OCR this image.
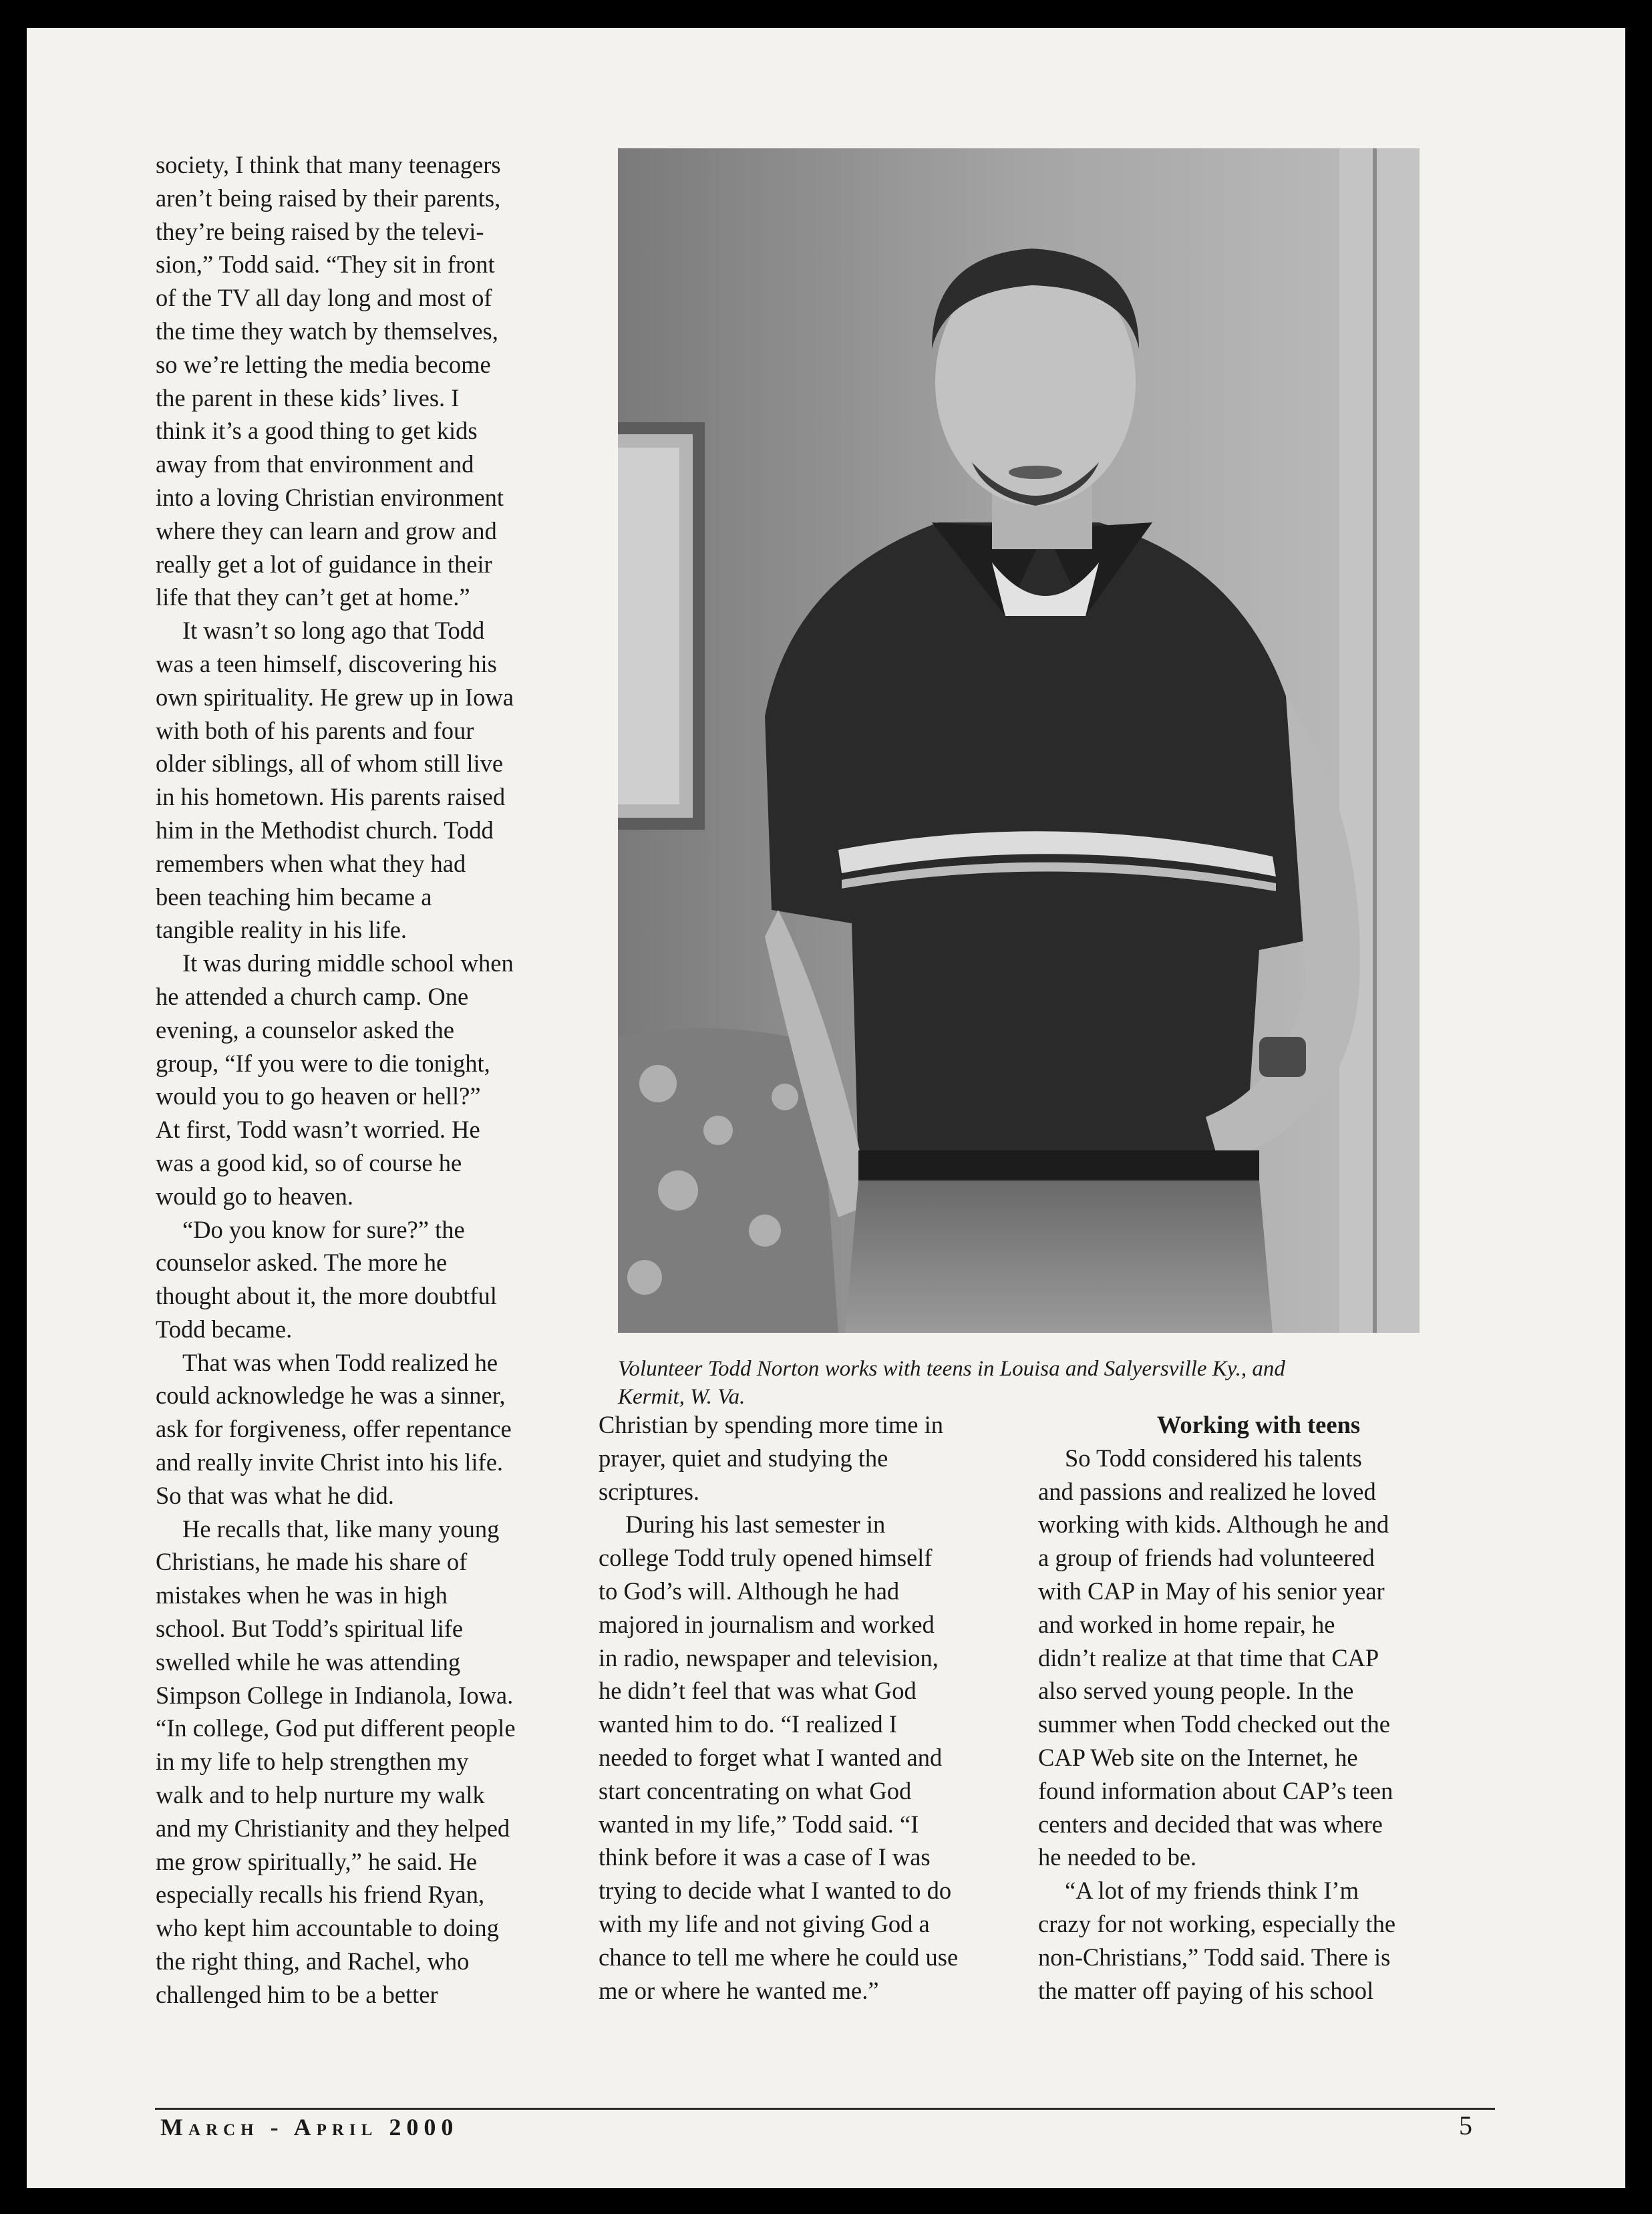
society, I think that many teenagers

aren’t being raised by their parents,

they’re being raised by the televi-

sion,” Todd said. “They sit in front

of the TV all day long and most of

the time they watch by themselves,

so we’re letting the media become

the parent in these kids’ lives. I

think it’s a good thing to get kids

away from that environment and

into a loving Christian environment

where they can learn and grow and

really get a lot of guidance in their

life that they can’t get at home.”

It wasn’t so long ago that Todd

was a teen himself, discovering his

own spirituality. He grew up in Iowa

with both of his parents and four

older siblings, all of whom still live

in his hometown. His parents raised

him in the Methodist church. Todd

remembers when what they had

been teaching him became a

tangible reality in his life.

It was during middle school when

he attended a church camp. One

evening, a counselor asked the

group, “If you were to die tonight,

would you to go heaven or hell?”

At first, Todd wasn’t worried. He

was a good kid, so of course he

would go to heaven.

“Do you know for sure?” the

counselor asked. The more he

thought about it, the more doubtful

Todd became.

That was when Todd realized he

could acknowledge he was a sinner,

ask for forgiveness, offer repentance

and really invite Christ into his life.

So that was what he did.

He recalls that, like many young

Christians, he made his share of

mistakes when he was in high

school. But Todd’s spiritual life

swelled while he was attending

Simpson College in Indianola, Iowa.

“In college, God put different people

in my life to help strengthen my

walk and to help nurture my walk

and my Christianity and they helped

me grow spiritually,” he said. He

especially recalls his friend Ryan,

who kept him accountable to doing

the right thing, and Rachel, who

challenged him to be a better

Volunteer Todd Norton works with teens in Louisa and Salyersville Ky., and
Kermit, W. Va.

Christian by spending more time in

prayer, quiet and studying the

scriptures.

During his last semester in

college Todd truly opened himself

to God’s will. Although he had

majored in journalism and worked

in radio, newspaper and television,

he didn’t feel that was what God

wanted him to do. “I realized I

needed to forget what I wanted and

start concentrating on what God

wanted in my life,” Todd said. “I

think before it was a case of I was

trying to decide what I wanted to do

with my life and not giving God a

chance to tell me where he could use

me or where he wanted me.”

Working with teens

So Todd considered his talents

and passions and realized he loved

working with kids. Although he and

a group of friends had volunteered

with CAP in May of his senior year

and worked in home repair, he

didn’t realize at that time that CAP

also served young people. In the

summer when Todd checked out the

CAP Web site on the Internet, he

found information about CAP’s teen

centers and decided that was where

he needed to be.

“A lot of my friends think I’m

crazy for not working, especially the

non-Christians,” Todd said. There is

the matter off paying of his school

March - April 2000	5
